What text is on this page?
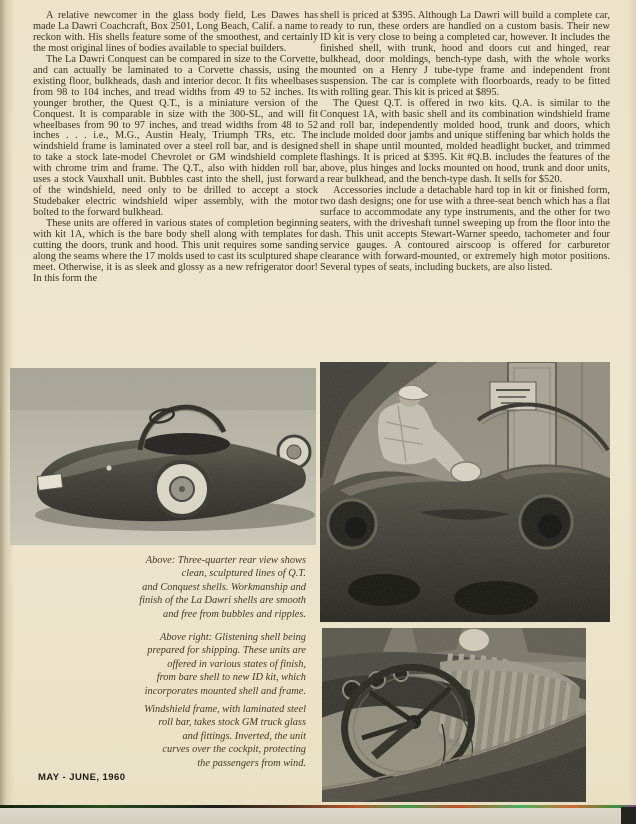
A relative newcomer in the glass body field, Les Dawes has made La Dawri Coachcraft, Box 2501, Long Beach, Calif. a name to reckon with. His shells feature some of the smoothest, and certainly the most original lines of bodies available to special builders.

The La Dawri Conquest can be compared in size to the Corvette, and can actually be laminated to a Corvette chassis, using the existing floor, bulkheads, dash and interior decor. It fits wheelbases from 98 to 104 inches, and tread widths from 49 to 52 inches. Its younger brother, the Quest Q.T., is a miniature version of the Conquest. It is comparable in size with the 300-SL, and will fit wheelbases from 90 to 97 inches, and tread widths from 48 to 52 inches . . . i.e., M.G., Austin Healy, Triumph TRs, etc. The windshield frame is laminated over a steel roll bar, and is designed to take a stock late-model Chevrolet or GM windshield complete with chrome trim and frame. The Q.T., also with hidden roll bar, uses a stock Vauxhall unit. Bubbles cast into the shell, just forward of the windshield, need only to be drilled to accept a stock Studebaker electric windshield wiper assembly, with the motor bolted to the forward bulkhead.

These units are offered in various states of completion beginning with kit 1A, which is the bare body shell along with templates for cutting the doors, trunk and hood. This unit requires some sanding along the seams where the 17 molds used to cast its sculptured shape meet. Otherwise, it is as sleek and glossy as a new refrigerator door! In this form the

shell is priced at $395. Although La Dawri will build a complete car, ready to run, these orders are handled on a custom basis. Their new ID kit is very close to being a completed car, however. It includes the finished shell, with trunk, hood and doors cut and hinged, rear bulkhead, door moldings, bench-type dash, with the whole works mounted on a Henry J tube-type frame and independent front suspension. The car is complete with floorboards, ready to be fitted with rolling gear. This kit is priced at $895.

The Quest Q.T. is offered in two kits. Q.A. is similar to the Conquest 1A, with basic shell and its combination windshield frame and roll bar, independently molded hood, trunk and doors, which include molded door jambs and unique stiffening bar which holds the shell in shape until mounted, molded headlight bucket, and trimmed flashings. It is priced at $395. Kit #Q.B. includes the features of the above, plus hinges and locks mounted on hood, trunk and door units, a rear bulkhead, and the bench-type dash. It sells for $520.

Accessories include a detachable hard top in kit or finished form, two dash designs; one for use with a three-seat bench which has a flat surface to accommodate any type instruments, and the other for two seaters, with the driveshaft tunnel sweeping up from the floor into the dash. This unit accepts Stewart-Warner speedo, tachometer and four service gauges. A contoured airscoop is offered for carburetor clearance with forward-mounted, or extremely high motor positions. Several types of seats, including buckets, are also listed.

Above: Three-quarter rear view shows
clean, sculptured lines of Q.T.
and Conquest shells. Workmanship and
finish of the La Dawri shells are smooth
and free from bubbles and ripples.
Above right: Glistening shell being
prepared for shipping. These units are
offered in various states of finish,
from bare shell to new ID kit, which
incorporates mounted shell and frame.
Windshield frame, with laminated steel
roll bar, takes stock GM truck glass
and fittings. Inverted, the unit
curves over the cockpit, protecting
the passengers from wind.
MAY - JUNE, 1960
